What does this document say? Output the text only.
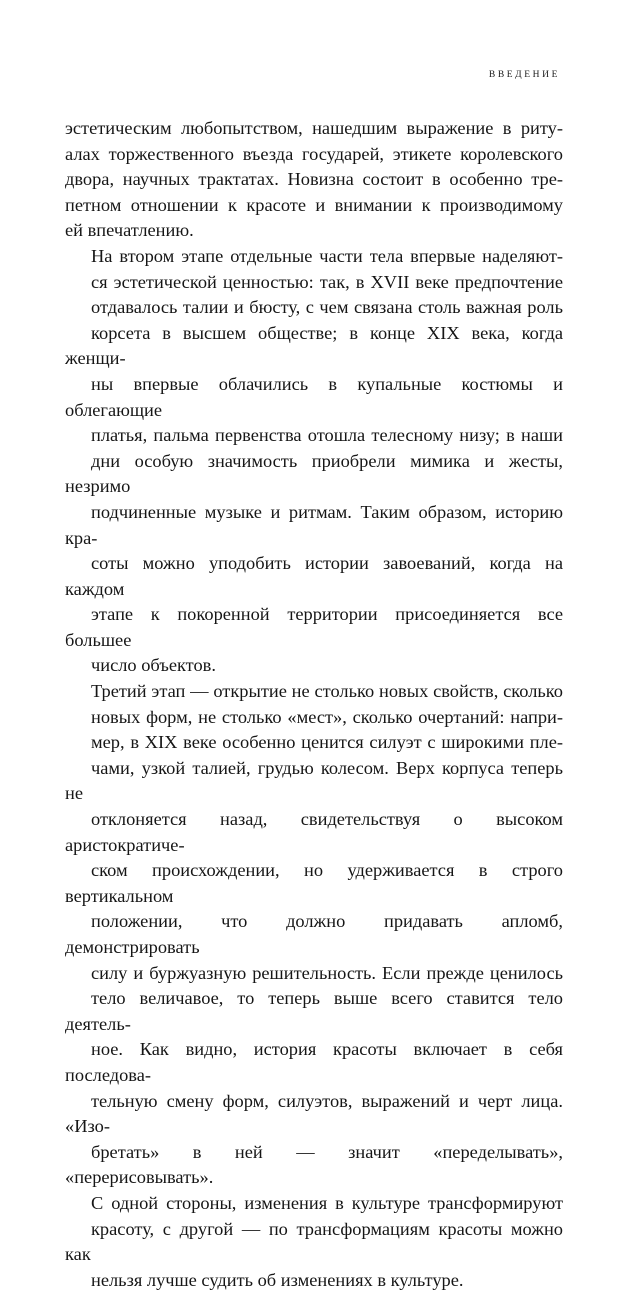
ВВЕДЕНИЕ

эстетическим любопытством, нашедшим выражение в риту-
алах торжественного въезда государей, этикете королевского
двора, научных трактатах. Новизна состоит в особенно тре-
петном отношении к красоте и внимании к производимому
ей впечатлению.

На втором этапе отдельные части тела впервые наделяют-
ся эстетической ценностью: так, в XVII веке предпочтение
отдавалось талии и бюсту, с чем связана столь важная роль
корсета в высшем обществе; в конце XIX века, когда женщи-
ны впервые облачились в купальные костюмы и облегающие
платья, пальма первенства отошла телесному низу; в наши
дни особую значимость приобрели мимика и жесты, незримо
подчиненные музыке и ритмам. Таким образом, историю кра-
соты можно уподобить истории завоеваний, когда на каждом
этапе к покоренной территории присоединяется все большее
число объектов.

Третий этап — открытие не столько новых свойств, сколько
новых форм, не столько «мест», сколько очертаний: напри-
мер, в XIX веке особенно ценится силуэт с широкими пле-
чами, узкой талией, грудью колесом. Верх корпуса теперь не
отклоняется назад, свидетельствуя о высоком аристократиче-
ском происхождении, но удерживается в строго вертикальном
положении, что должно придавать апломб, демонстрировать
силу и буржуазную решительность. Если прежде ценилось
тело величавое, то теперь выше всего ставится тело деятель-
ное. Как видно, история красоты включает в себя последова-
тельную смену форм, силуэтов, выражений и черт лица. «Изо-
бретать» в ней — значит «переделывать», «перерисовывать».

С одной стороны, изменения в культуре трансформируют
красоту, с другой — по трансформациям красоты можно как
нельзя лучше судить об изменениях в культуре.
